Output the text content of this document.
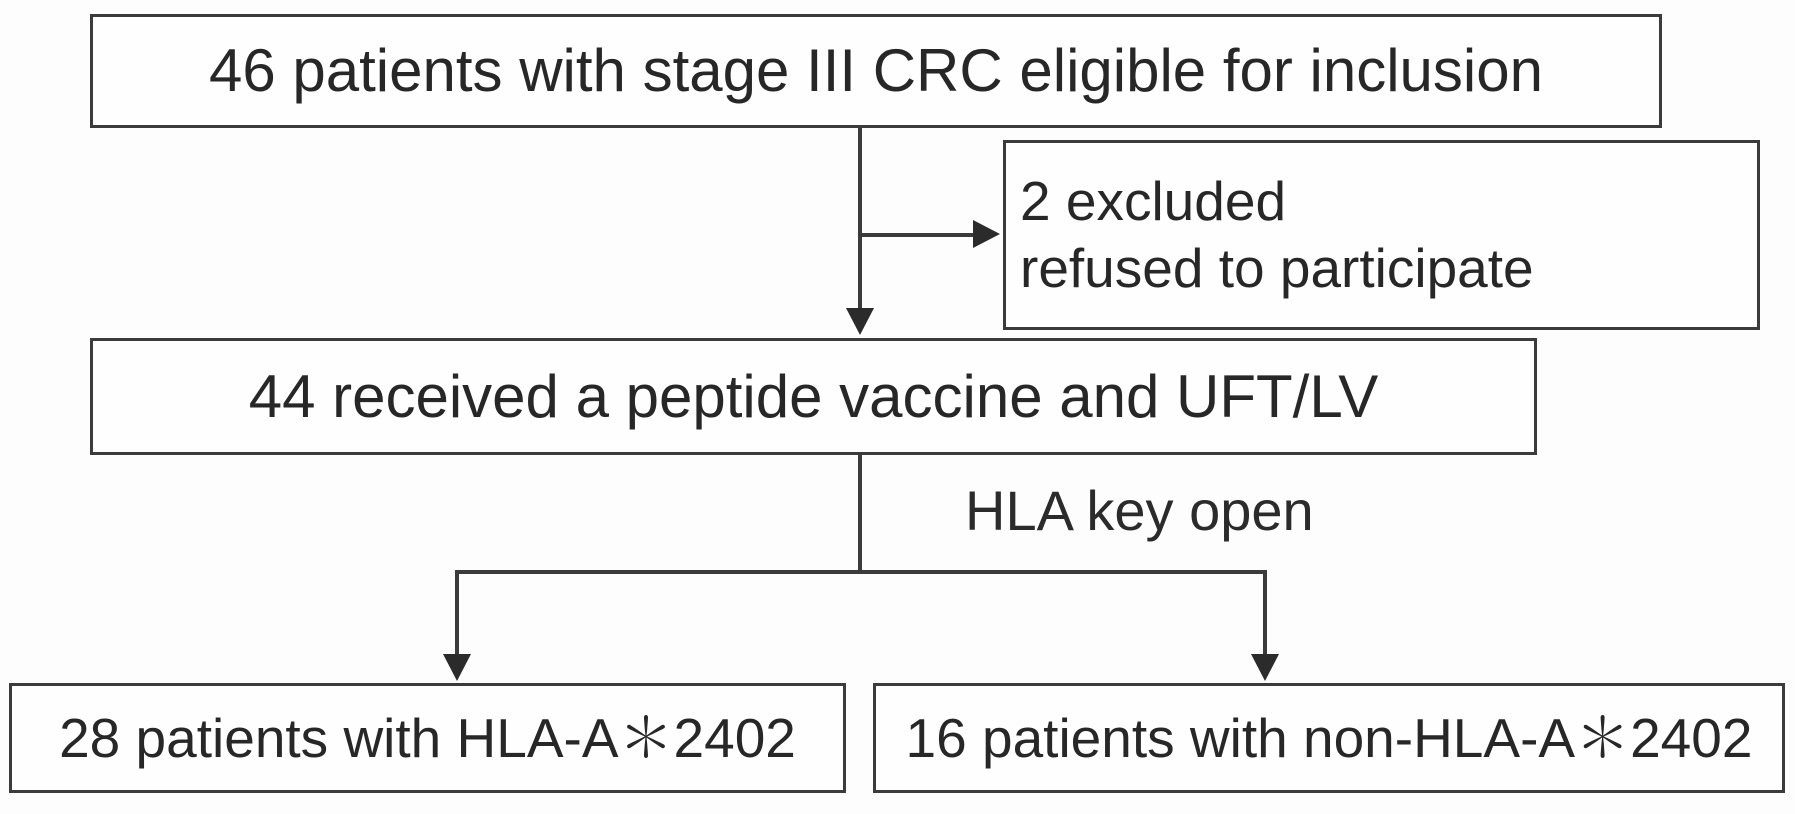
46 patients with stage III CRC eligible for inclusion
2 excluded
refused to participate
44 received a peptide vaccine and UFT/LV
HLA key open
28 patients with HLA-A＊2402 16 patients with non-HLA-A＊2402
